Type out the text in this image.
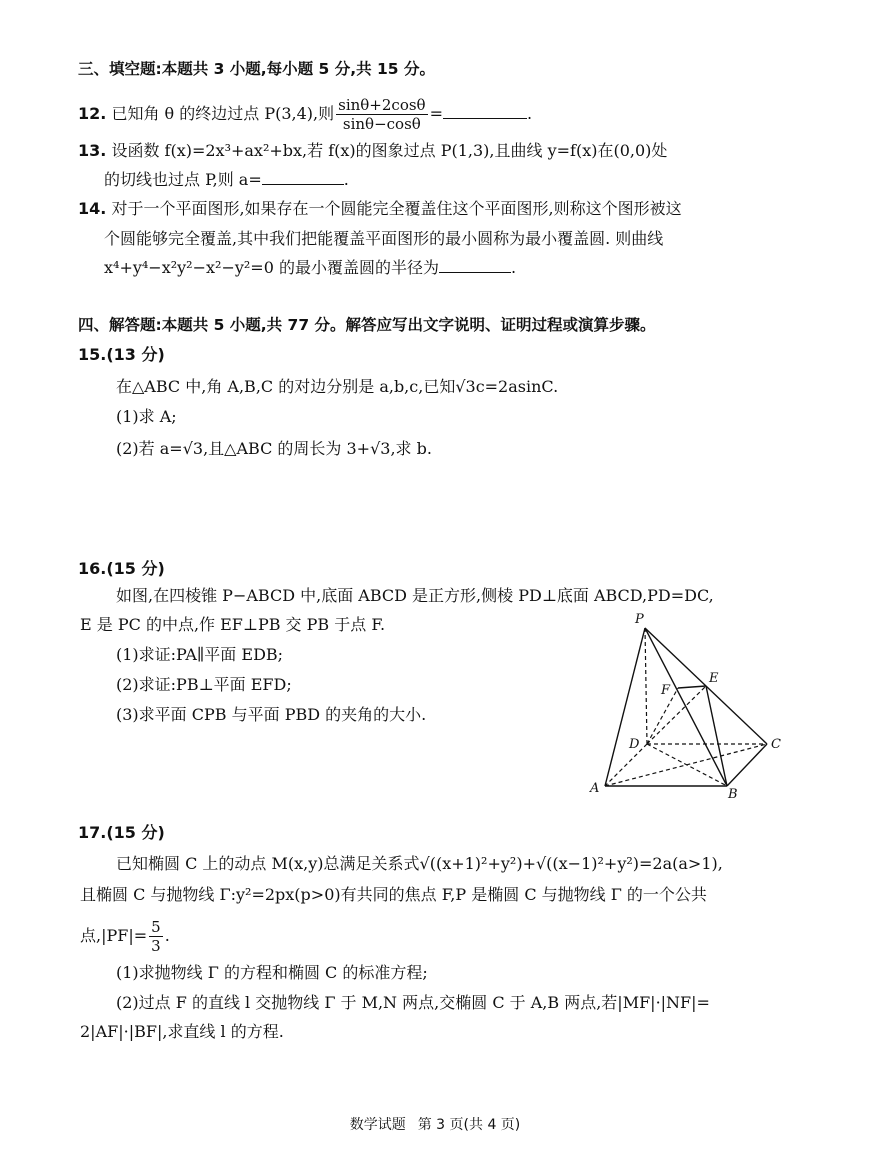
三、填空题:本题共 3 小题,每小题 5 分,共 15 分。
12. 已知角 θ 的终边过点 P(3,4),则 $\frac{\sin\theta+2\cos\theta}{\sin\theta-\cos\theta}$ =	.
13. 设函数 f(x)=2x³+ax²+bx,若 f(x)的图象过点 P(1,3),且曲线 y=f(x)在(0,0)处
的切线也过点 P,则 a=	.
14. 对于一个平面图形,如果存在一个圆能完全覆盖住这个平面图形,则称这个图形被这
个圆能够完全覆盖,其中我们把能覆盖平面图形的最小圆称为最小覆盖圆. 则曲线
x⁴+y⁴−x²y²−x²−y²=0 的最小覆盖圆的半径为	.
四、解答题:本题共 5 小题,共 77 分。解答应写出文字说明、证明过程或演算步骤。
15.(13 分)
在△ABC 中,角 A,B,C 的对边分别是 a,b,c,已知√3c=2asinC.
(1)求 A;
(2)若 a=√3,且△ABC 的周长为 3+√3,求 b.
16.(15 分)
如图,在四棱锥 P−ABCD 中,底面 ABCD 是正方形,侧棱 PD⊥底面 ABCD,PD=DC,
E 是 PC 的中点,作 EF⊥PB 交 PB 于点 F.
(1)求证:PA∥平面 EDB;
(2)求证:PB⊥平面 EFD;
(3)求平面 CPB 与平面 PBD 的夹角的大小.
P
F
E
D	C
A	B
17.(15 分)
已知椭圆 C 上的动点 M(x,y)总满足关系式√((x+1)²+y²)+√((x−1)²+y²)=2a(a>1),
且椭圆 C 与抛物线 Γ:y²=2px(p>0)有共同的焦点 F,P 是椭圆 C 与抛物线 Γ 的一个公共
点$,|PF|= \frac{5}{3}$ .
(1)求抛物线 Γ 的方程和椭圆 C 的标准方程;
(2)过点 F 的直线 l 交抛物线 Γ 于 M,N 两点,交椭圆 C 于 A,B 两点,若|MF|·|NF|=
2|AF|·|BF|,求直线 l 的方程.
数学试题 第 3 页(共 4 页)
